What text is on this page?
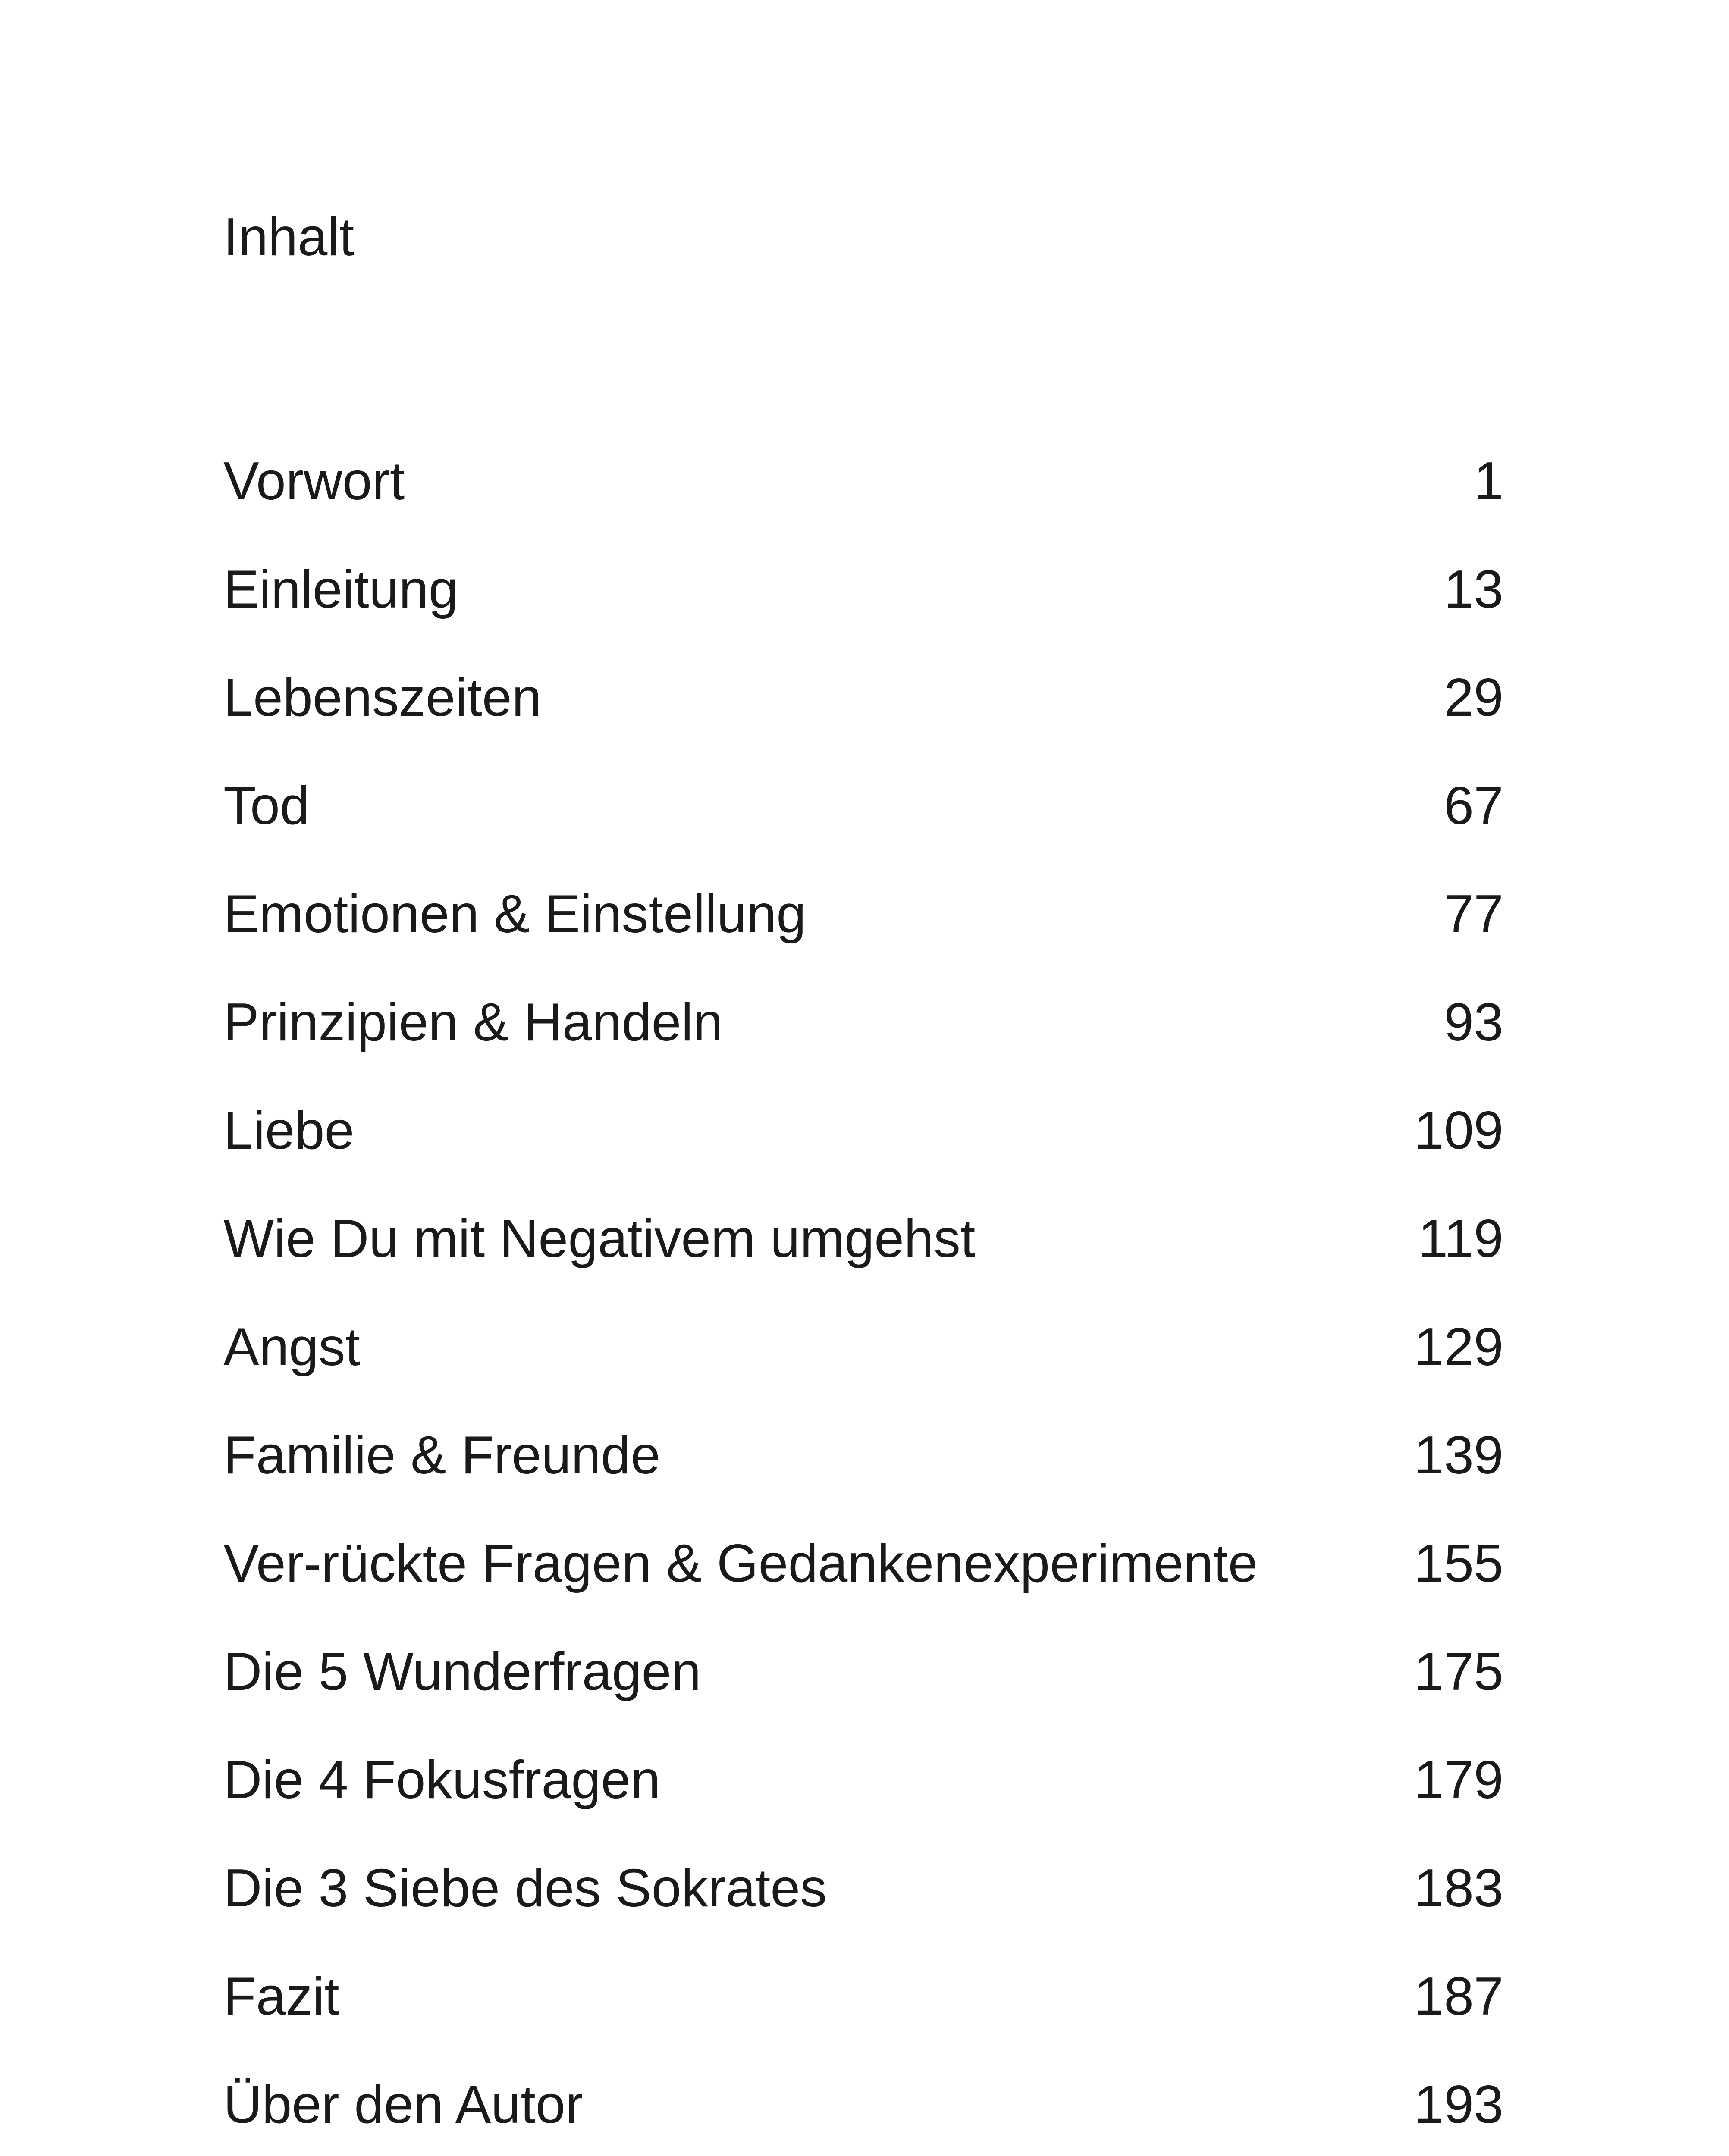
Inhalt
Vorwort	1
Einleitung	13
Lebenszeiten	29
Tod	67
Emotionen & Einstellung	77
Prinzipien & Handeln	93
Liebe	109
Wie Du mit Negativem umgehst	119
Angst	129
Familie & Freunde	139
Ver-rückte Fragen & Gedankenexperimente	155
Die 5 Wunderfragen	175
Die 4 Fokusfragen	179
Die 3 Siebe des Sokrates	183
Fazit	187
Über den Autor	193
